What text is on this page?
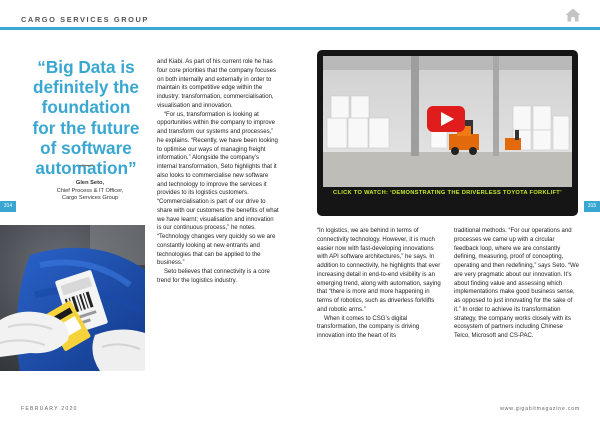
CARGO SERVICES GROUP
“Big Data is definitely the foundation for the future of software automation”
Glen Seto,
Chief Process & IT Officer,
Cargo Services Group
314	315

and Kiabi. As part of his current role he has four core priorities that the company focuses on both internally and externally in order to maintain its competitive edge within the industry: transformation, commercialisation, visualisation and innovation.

“For us, transformation is looking at opportunities within the company to improve and transform our systems and processes,” he explains. “Recently, we have been looking to optimise our ways of managing freight information.” Alongside the company’s internal transformation, Seto highlights that it also looks to commercialise new software and technology to improve the services it provides to its logistics customers. “Commercialisation is part of our drive to share with our customers the benefits of what we have learnt; visualisation and innovation is our continuous process,” he notes. “Technology changes very quickly so we are constantly looking at new entrants and technologies that can be applied to the business.”

Seto believes that connectivity is a core trend for the logistics industry.

CLICK TO WATCH: ‘DEMONSTRATING THE DRIVERLESS TOYOTA FORKLIFT’

“In logistics, we are behind in terms of connectivity technology. However, it is much easier now with fast-developing innovations with API software architectures,” he says. In addition to connectivity, he highlights that ever increasing detail in end-to-end visibility is an emerging trend, along with automation, saying that “there is more and more happening in terms of robotics, such as driverless forklifts and robotic arms.”

When it comes to CSG’s digital transformation, the company is driving innovation into the heart of its

traditional methods. “For our operations and processes we came up with a circular feedback loop, where we are constantly defining, measuring, proof of concepting, operating and then redefining,” says Seto. “We are very pragmatic about our innovation. It’s about finding value and assessing which implementations make good business sense, as opposed to just innovating for the sake of it.” In order to achieve its transformation strategy, the company works closely with its ecosystem of partners including Chinese Telco, Microsoft and CS-PAC.

FEBRUARY 2020	www.gigabitmagazine.com
